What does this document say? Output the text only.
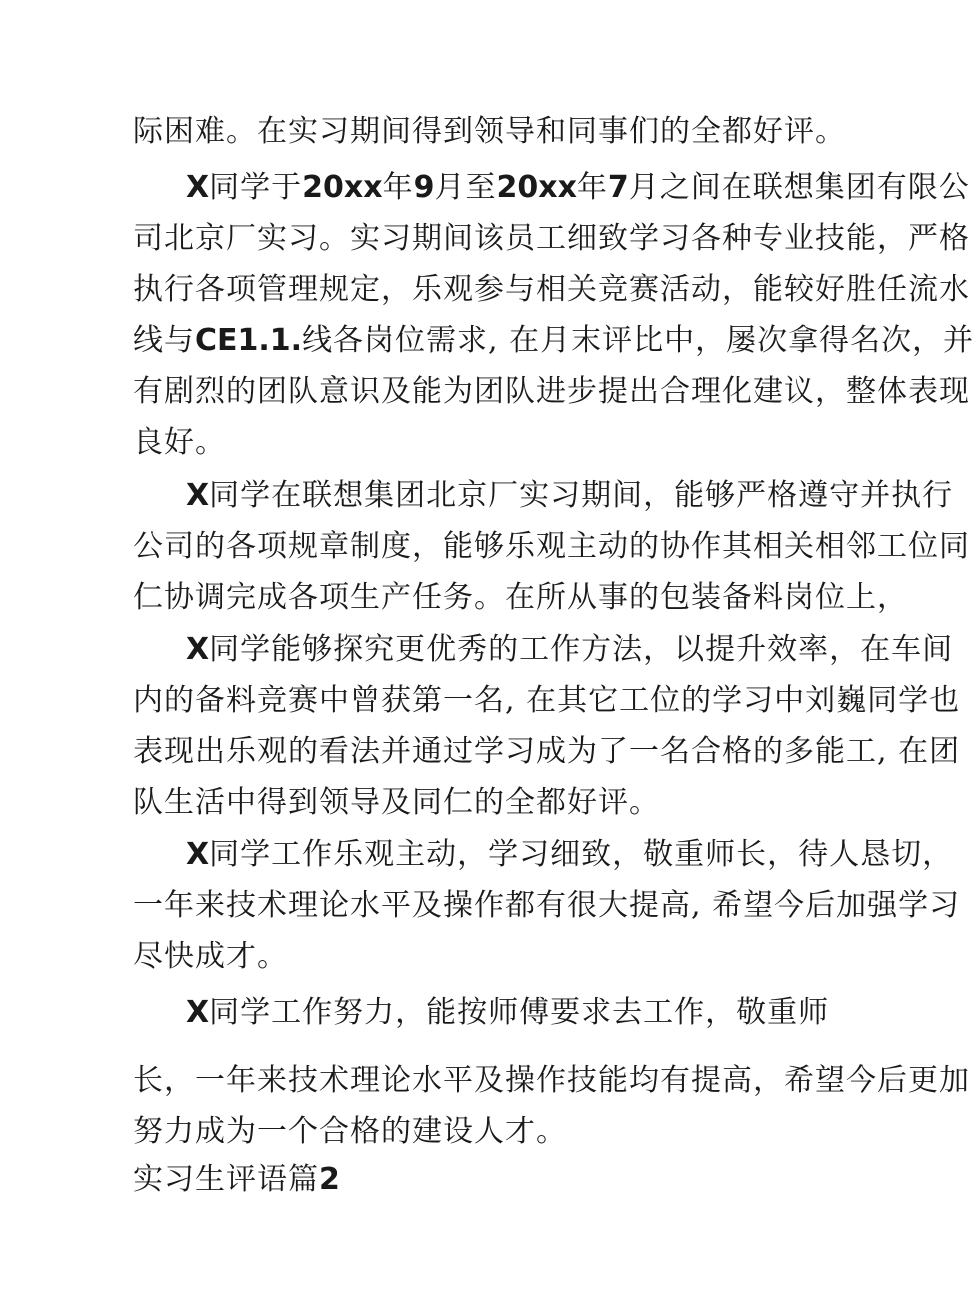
际困难。在实习期间得到领导和同事们的全都好评。
X同学于20xx年9月至20xx年7月之间在联想集团有限公
司北京厂实习。实习期间该员工细致学习各种专业技能，严格
执行各项管理规定，乐观参与相关竞赛活动，能较好胜任流水
线与CE1.1.线各岗位需求, 在月末评比中，屡次拿得名次，并
有剧烈的团队意识及能为团队进步提出合理化建议，整体表现
良好。
X同学在联想集团北京厂实习期间，能够严格遵守并执行
公司的各项规章制度，能够乐观主动的协作其相关相邻工位同
仁协调完成各项生产任务。在所从事的包装备料岗位上，
X同学能够探究更优秀的工作方法，以提升效率，在车间
内的备料竞赛中曾获第一名, 在其它工位的学习中刘巍同学也
表现出乐观的看法并通过学习成为了一名合格的多能工, 在团
队生活中得到领导及同仁的全都好评。
X同学工作乐观主动，学习细致，敬重师长，待人恳切，
一年来技术理论水平及操作都有很大提高, 希望今后加强学习
尽快成才。
X同学工作努力，能按师傅要求去工作，敬重师
长，一年来技术理论水平及操作技能均有提高，希望今后更加
努力成为一个合格的建设人才。
实习生评语篇2
